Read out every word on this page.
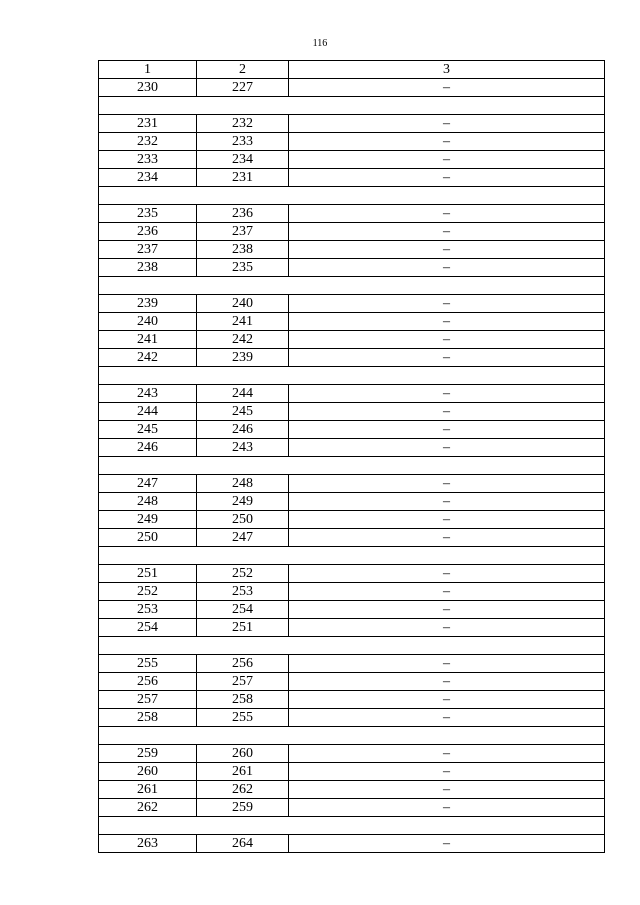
116
1	2	3
230	227	–

231	232	–
232	233	–
233	234	–
234	231	–

235	236	–
236	237	–
237	238	–
238	235	–

239	240	–
240	241	–
241	242	–
242	239	–

243	244	–
244	245	–
245	246	–
246	243	–

247	248	–
248	249	–
249	250	–
250	247	–

251	252	–
252	253	–
253	254	–
254	251	–

255	256	–
256	257	–
257	258	–
258	255	–

259	260	–
260	261	–
261	262	–
262	259	–

263	264	–
